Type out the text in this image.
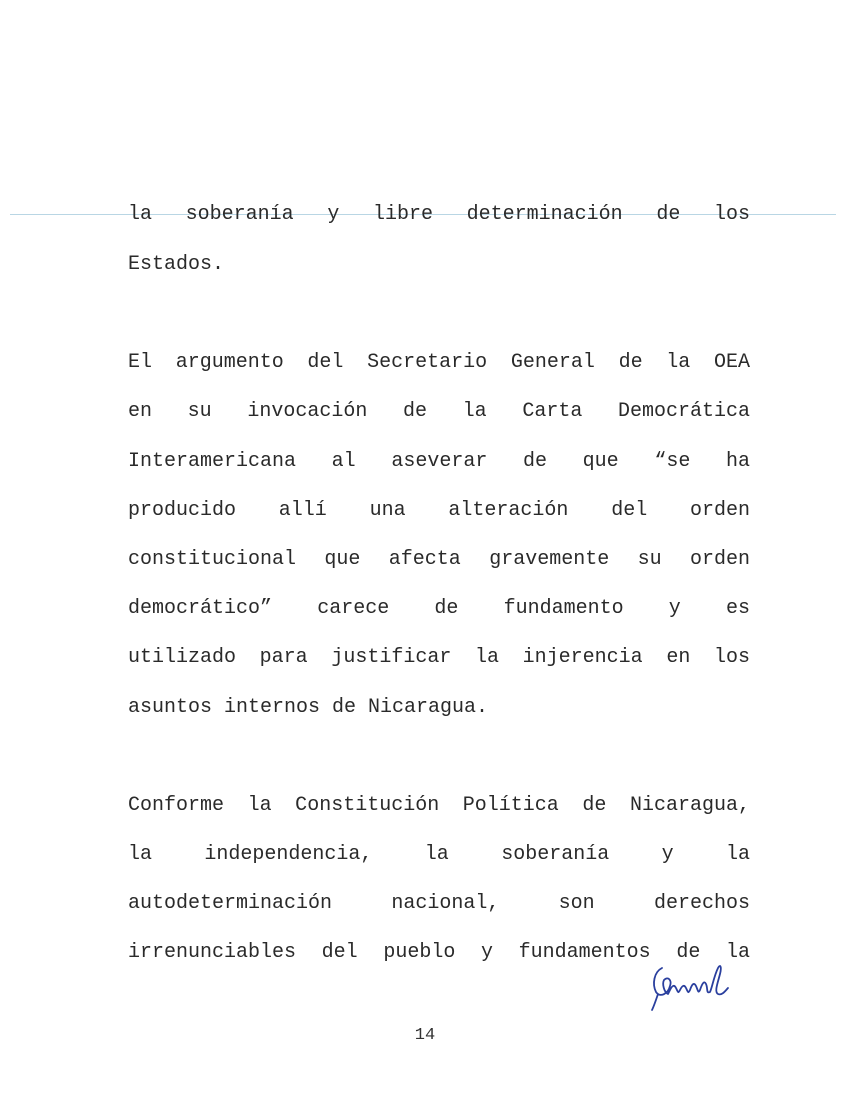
la soberanía y libre determinación de los
Estados.
El argumento del Secretario General de la OEA
en su invocación de la Carta Democrática
Interamericana al aseverar de que “se ha
producido allí una alteración del orden
constitucional que afecta gravemente su orden
democrático” carece de fundamento y es
utilizado para justificar la injerencia en los
asuntos internos de Nicaragua.
Conforme la Constitución Política de Nicaragua,
la independencia, la soberanía y la
autodeterminación nacional, son derechos
irrenunciables del pueblo y fundamentos de la
14
